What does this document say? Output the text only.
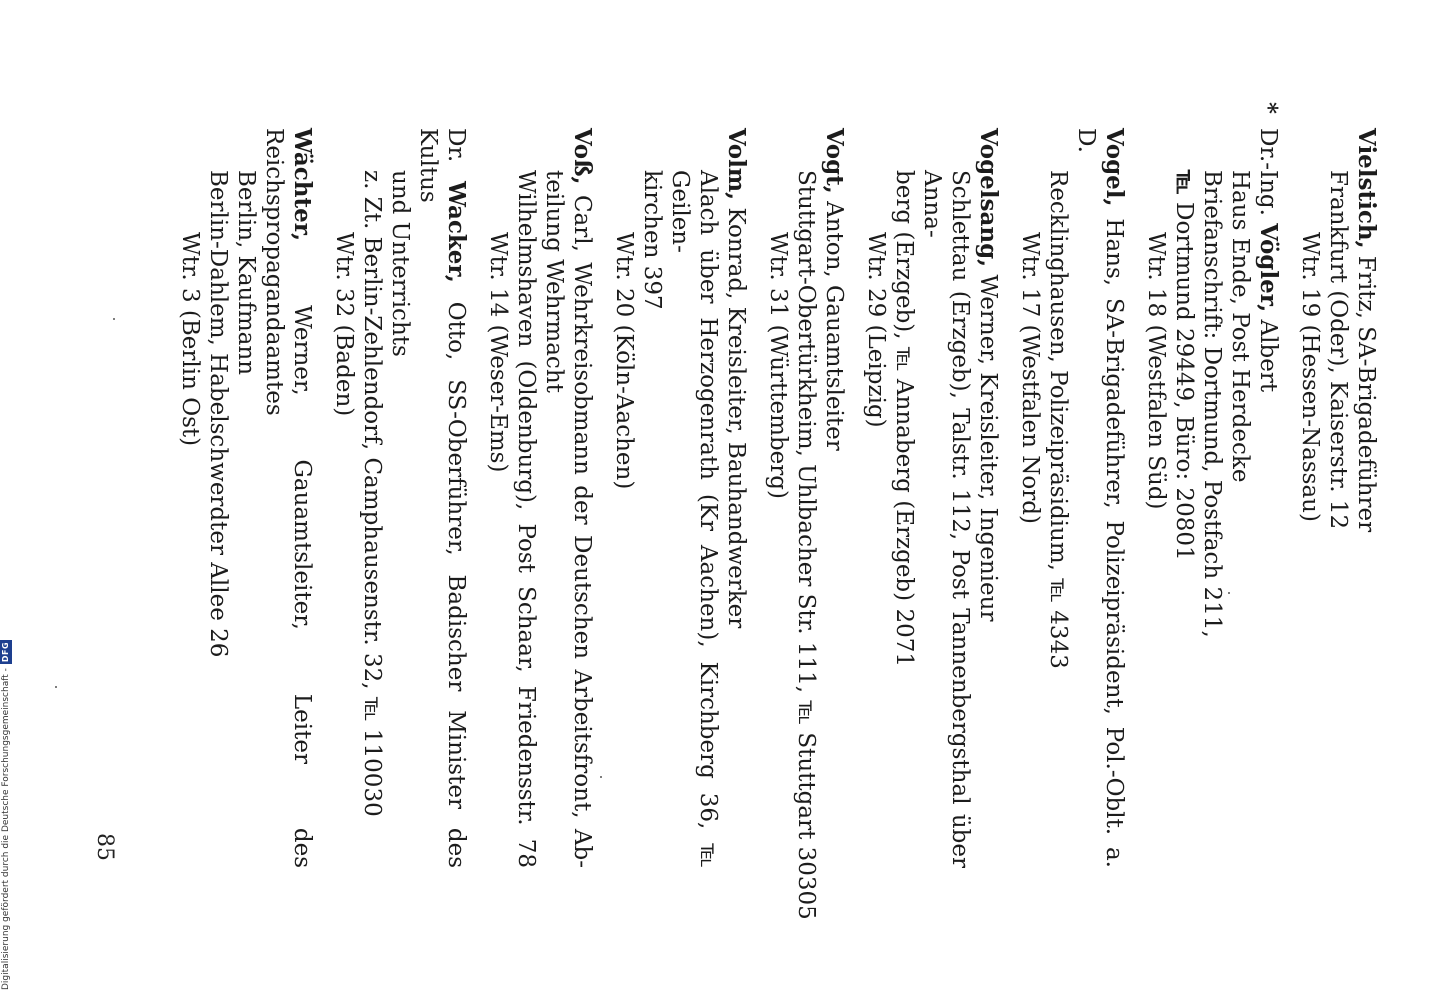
Vielstich, Fritz, SA-Brigadeführer
Frankfurt (Oder), Kaiserstr. 12
Wtr. 19 (Hessen-Nassau)
*
Dr.-Ing. Vögler, Albert
Haus Ende, Post Herdecke
Briefanschrift: Dortmund, Postfach 211,
℡ Dortmund 29449, Büro: 20801
Wtr. 18 (Westfalen Süd)
Vogel, Hans, SA-Brigadeführer, Polizeipräsident, Pol.-Oblt. a. D.
Recklinghausen, Polizeipräsidium, ℡ 4343
Wtr. 17 (Westfalen Nord)
Vogelsang, Werner, Kreisleiter, Ingenieur
Schlettau (Erzgeb), Talstr. 112, Post Tannenbergsthal über Anna-
berg (Erzgeb), ℡ Annaberg (Erzgeb) 2071
Wtr. 29 (Leipzig)
Vogt, Anton, Gauamtsleiter
Stuttgart-Obertürkheim, Uhlbacher Str. 111, ℡ Stuttgart 30305
Wtr. 31 (Württemberg)
Volm, Konrad, Kreisleiter, Bauhandwerker
Alach über Herzogenrath (Kr Aachen), Kirchberg 36, ℡ Geilen-
kirchen 397
Wtr. 20 (Köln-Aachen)
Voß, Carl, Wehrkreisobmann der Deutschen Arbeitsfront, Ab-
teilung Wehrmacht
Wilhelmshaven (Oldenburg), Post Schaar, Friedensstr. 78
Wtr. 14 (Weser-Ems)
Dr. Wacker, Otto, SS-Oberführer, Badischer Minister des Kultus
und Unterrichts
z. Zt. Berlin-Zehlendorf, Camphausenstr. 32, ℡ 110030
Wtr. 32 (Baden)
Wächter, Werner, Gauamtsleiter, Leiter des Reichspropagandaamtes
Berlin, Kaufmann
Berlin-Dahlem, Habelschwerdter Allee 26
Wtr. 3 (Berlin Ost)
85
Digitalisierung gefördert durch die Deutsche Forschungsgemeinschaft -
DFG
